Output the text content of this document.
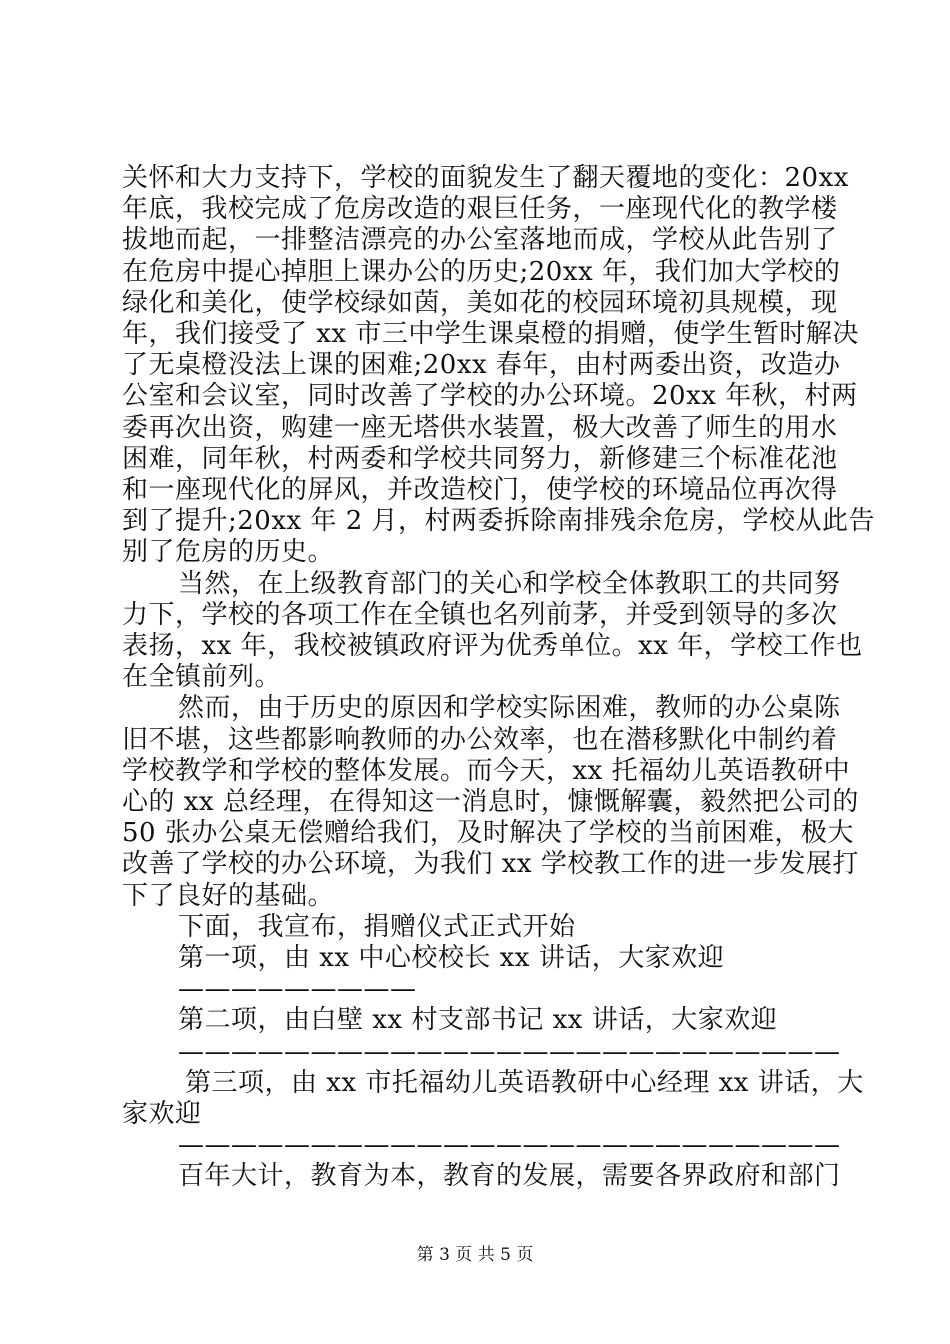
关怀和大力支持下，学校的面貌发生了翻天覆地的变化：20xx
年底，我校完成了危房改造的艰巨任务，一座现代化的教学楼
拔地而起，一排整洁漂亮的办公室落地而成，学校从此告别了
在危房中提心掉胆上课办公的历史;20xx 年，我们加大学校的
绿化和美化，使学校绿如茵，美如花的校园环境初具规模，现
年，我们接受了 xx 市三中学生课桌橙的捐赠，使学生暂时解决
了无桌橙没法上课的困难;20xx 春年，由村两委出资，改造办
公室和会议室，同时改善了学校的办公环境。20xx 年秋，村两
委再次出资，购建一座无塔供水装置，极大改善了师生的用水
困难，同年秋，村两委和学校共同努力，新修建三个标准花池
和一座现代化的屏风，并改造校门，使学校的环境品位再次得
到了提升;20xx 年 2 月，村两委拆除南排残余危房，学校从此告
别了危房的历史。
当然，在上级教育部门的关心和学校全体教职工的共同努
力下，学校的各项工作在全镇也名列前茅，并受到领导的多次
表扬，xx 年，我校被镇政府评为优秀单位。xx 年，学校工作也
在全镇前列。
然而，由于历史的原因和学校实际困难，教师的办公桌陈
旧不堪，这些都影响教师的办公效率，也在潜移默化中制约着
学校教学和学校的整体发展。而今天，xx 托福幼儿英语教研中
心的 xx 总经理，在得知这一消息时，慷慨解囊，毅然把公司的
50 张办公桌无偿赠给我们，及时解决了学校的当前困难，极大
改善了学校的办公环境，为我们 xx 学校教工作的进一步发展打
下了良好的基础。
下面，我宣布，捐赠仪式正式开始
第一项，由 xx 中心校校长 xx 讲话，大家欢迎
—————————
第二项，由白壁 xx 村支部书记 xx 讲话，大家欢迎
—————————————————————————
第三项，由 xx 市托福幼儿英语教研中心经理 xx 讲话，大
家欢迎
—————————————————————————
百年大计，教育为本，教育的发展，需要各界政府和部门
第 3 页 共 5 页
